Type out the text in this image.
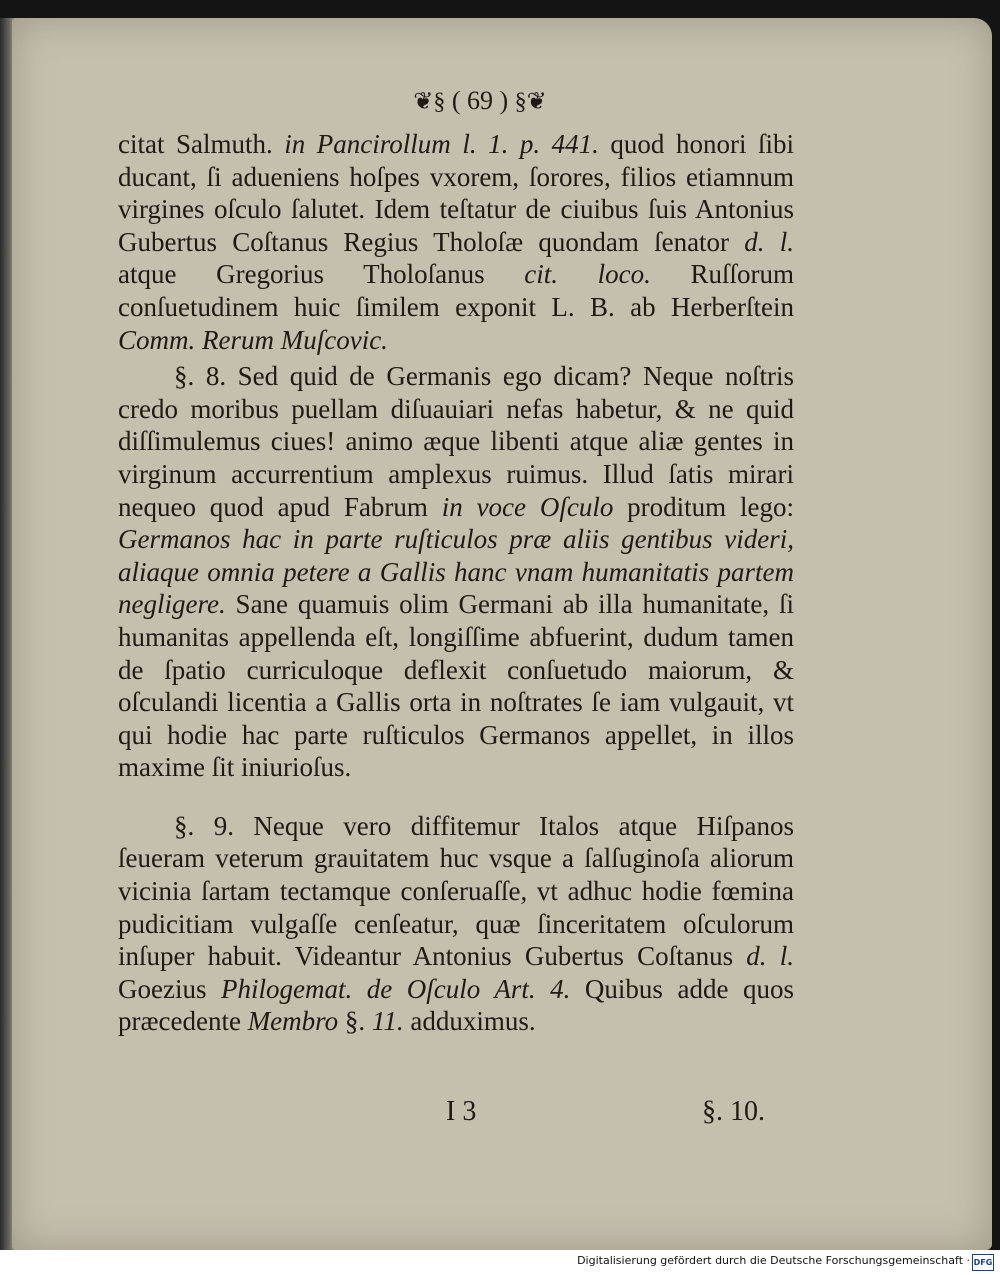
❦§ ( 69 ) §❦

citat Salmuth. in Pancirollum l. 1. p. 441. quod honori ſibi ducant, ſi adueniens hoſpes vxorem, ſorores, filios etiamnum virgines oſculo ſalutet. Idem teſtatur de ciuibus ſuis Antonius Gubertus Coſtanus Regius Tholoſæ quondam ſenator d. l. atque Gregorius Tholoſanus cit. loco. Ruſſorum conſuetudinem huic ſimilem exponit L. B. ab Herberſtein Comm. Rerum Muſcovic.

§. 8. Sed quid de Germanis ego dicam? Neque noſtris credo moribus puellam diſuauiari nefas habetur, & ne quid diſſimulemus ciues! animo æque libenti atque aliæ gentes in virginum accurrentium amplexus ruimus. Illud ſatis mirari nequeo quod apud Fabrum in voce Oſculo proditum lego: Germanos hac in parte ruſticulos præ aliis gentibus videri, aliaque omnia petere a Gallis hanc vnam humanitatis partem negligere. Sane quamuis olim Germani ab illa humanitate, ſi humanitas appellenda eſt, longiſſime abfuerint, dudum tamen de ſpatio curriculoque deflexit conſuetudo maiorum, & oſculandi licentia a Gallis orta in noſtrates ſe iam vulgauit, vt qui hodie hac parte ruſticulos Germanos appellet, in illos maxime ſit iniurioſus.

§. 9. Neque vero diffitemur Italos atque Hiſpanos ſeueram veterum grauitatem huc vsque a ſalſuginoſa aliorum vicinia ſartam tectamque conſeruaſſe, vt adhuc hodie fœmina pudicitiam vulgaſſe cenſeatur, quæ ſinceritatem oſculorum inſuper habuit. Videantur Antonius Gubertus Coſtanus d. l. Goezius Philogemat. de Oſculo Art. 4. Quibus adde quos præcedente Membro §. 11. adduximus.

I 3	§. 10.
Digitalisierung gefördert durch die Deutsche Forschungsgemeinschaft · DFG
